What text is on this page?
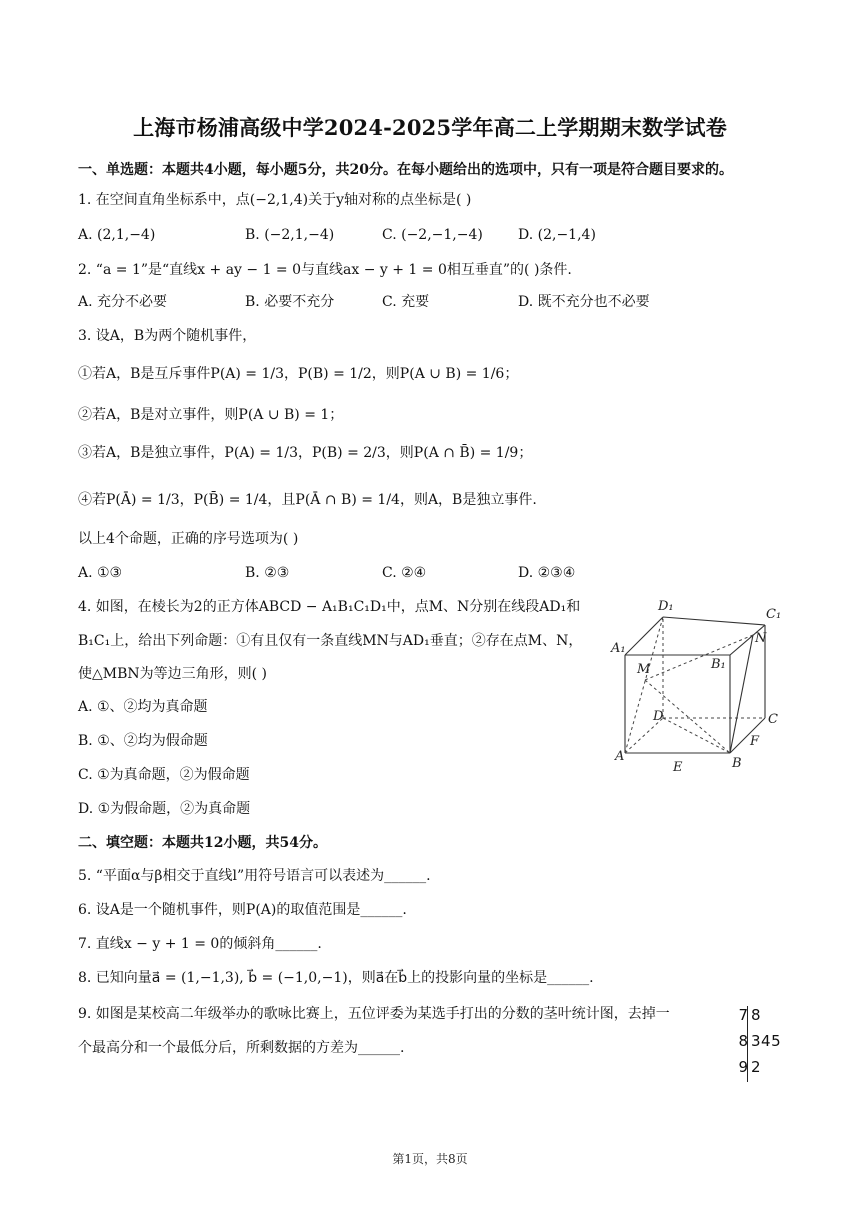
上海市杨浦高级中学2024-2025学年高二上学期期末数学试卷
一、单选题：本题共4小题，每小题5分，共20分。在每小题给出的选项中，只有一项是符合题目要求的。
1. 在空间直角坐标系中，点(−2,1,4)关于y轴对称的点坐标是( )
A. (2,1,−4)	B. (−2,1,−4)	C. (−2,−1,−4)	D. (2,−1,4)
2. “a = 1”是“直线x + ay − 1 = 0与直线ax − y + 1 = 0相互垂直”的( )条件.
A. 充分不必要	B. 必要不充分	C. 充要	D. 既不充分也不必要
3. 设A，B为两个随机事件，
①若A，B是互斥事件P(A) = 1/3，P(B) = 1/2，则P(A ∪ B) = 1/6；
②若A，B是对立事件，则P(A ∪ B) = 1；
③若A，B是独立事件，P(A) = 1/3，P(B) = 2/3，则P(A ∩ B̄) = 1/9；
④若P(Ā) = 1/3，P(B̄) = 1/4，且P(Ā ∩ B) = 1/4，则A，B是独立事件.
以上4个命题，正确的序号选项为( )
A. ①③	B. ②③	C. ②④	D. ②③④
4. 如图，在棱长为2的正方体ABCD − A₁B₁C₁D₁中，点M、N分别在线段AD₁和
B₁C₁上，给出下列命题：①有且仅有一条直线MN与AD₁垂直；②存在点M、N，
使△MBN为等边三角形，则( )
A. ①、②均为真命题
B. ①、②均为假命题
C. ①为真命题，②为假命题
D. ①为假命题，②为真命题
D₁
C₁
A₁
B₁
M
N
D	C
F
A
E	B
二、填空题：本题共12小题，共54分。
5. “平面α与β相交于直线l”用符号语言可以表述为______.
6. 设A是一个随机事件，则P(A)的取值范围是______.
7. 直线x − y + 1 = 0的倾斜角______.
8. 已知向量a⃗ = (1,−1,3), b⃗ = (−1,0,−1)，则a⃗在b⃗上的投影向量的坐标是______.
9. 如图是某校高二年级举办的歌咏比赛上，五位评委为某选手打出的分数的茎叶统计图，去掉一
个最高分和一个最低分后，所剩数据的方差为______.
7 8
8 345
9 2
第1页，共8页
